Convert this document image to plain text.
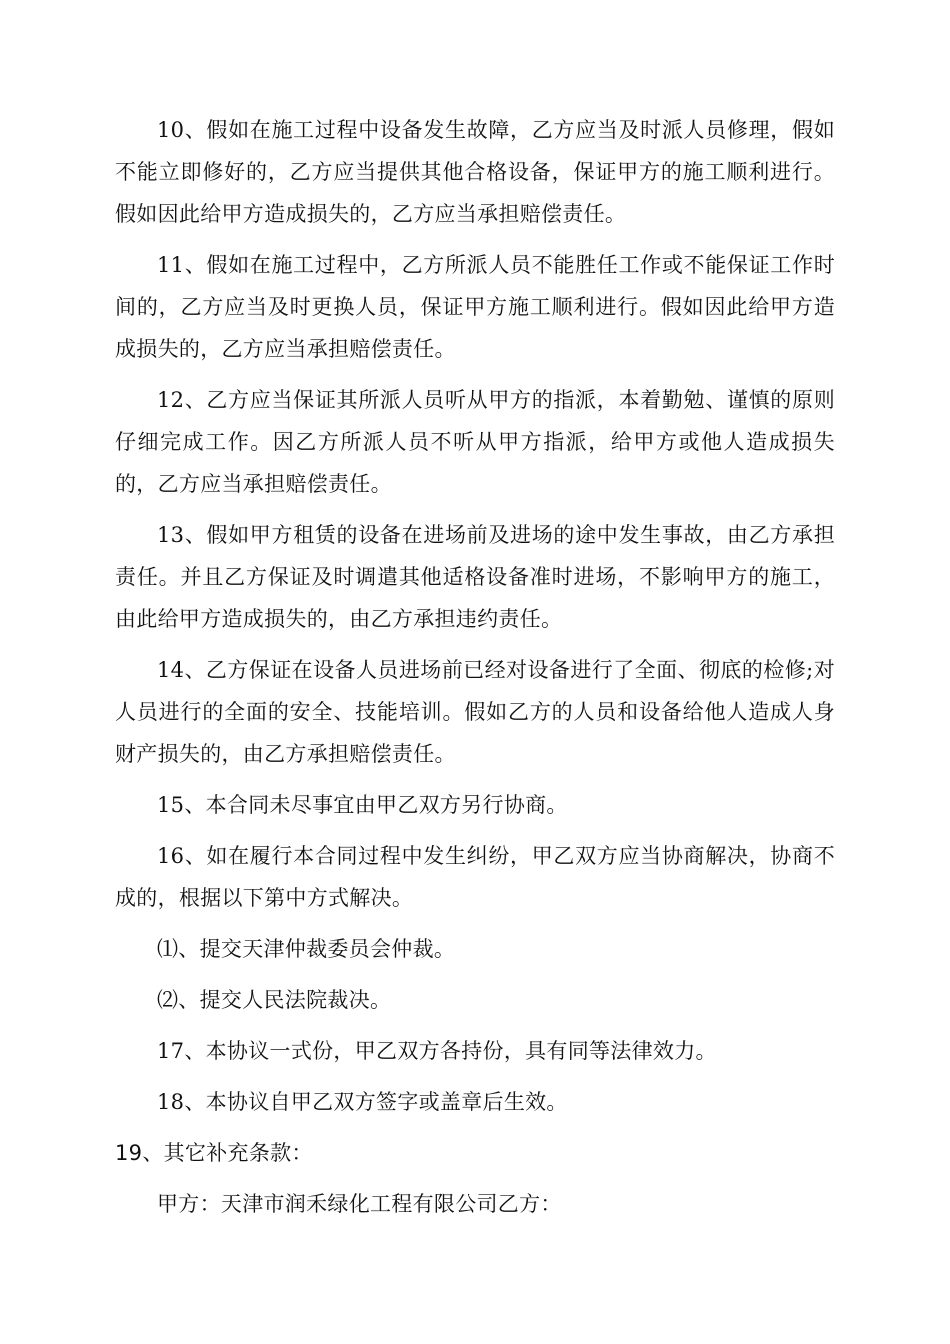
10、假如在施工过程中设备发生故障，乙方应当及时派人员修理，假如不能立即修好的，乙方应当提供其他合格设备，保证甲方的施工顺利进行。假如因此给甲方造成损失的，乙方应当承担赔偿责任。

11、假如在施工过程中，乙方所派人员不能胜任工作或不能保证工作时间的，乙方应当及时更换人员，保证甲方施工顺利进行。假如因此给甲方造成损失的，乙方应当承担赔偿责任。

12、乙方应当保证其所派人员听从甲方的指派，本着勤勉、谨慎的原则仔细完成工作。因乙方所派人员不听从甲方指派，给甲方或他人造成损失的，乙方应当承担赔偿责任。

13、假如甲方租赁的设备在进场前及进场的途中发生事故，由乙方承担责任。并且乙方保证及时调遣其他适格设备准时进场，不影响甲方的施工，由此给甲方造成损失的，由乙方承担违约责任。

14、乙方保证在设备人员进场前已经对设备进行了全面、彻底的检修;对人员进行的全面的安全、技能培训。假如乙方的人员和设备给他人造成人身财产损失的，由乙方承担赔偿责任。

15、本合同未尽事宜由甲乙双方另行协商。

16、如在履行本合同过程中发生纠纷，甲乙双方应当协商解决，协商不成的，根据以下第中方式解决。

⑴、提交天津仲裁委员会仲裁。

⑵、提交人民法院裁决。

17、本协议一式份，甲乙双方各持份，具有同等法律效力。

18、本协议自甲乙双方签字或盖章后生效。

19、其它补充条款：

甲方：天津市润禾绿化工程有限公司乙方：
